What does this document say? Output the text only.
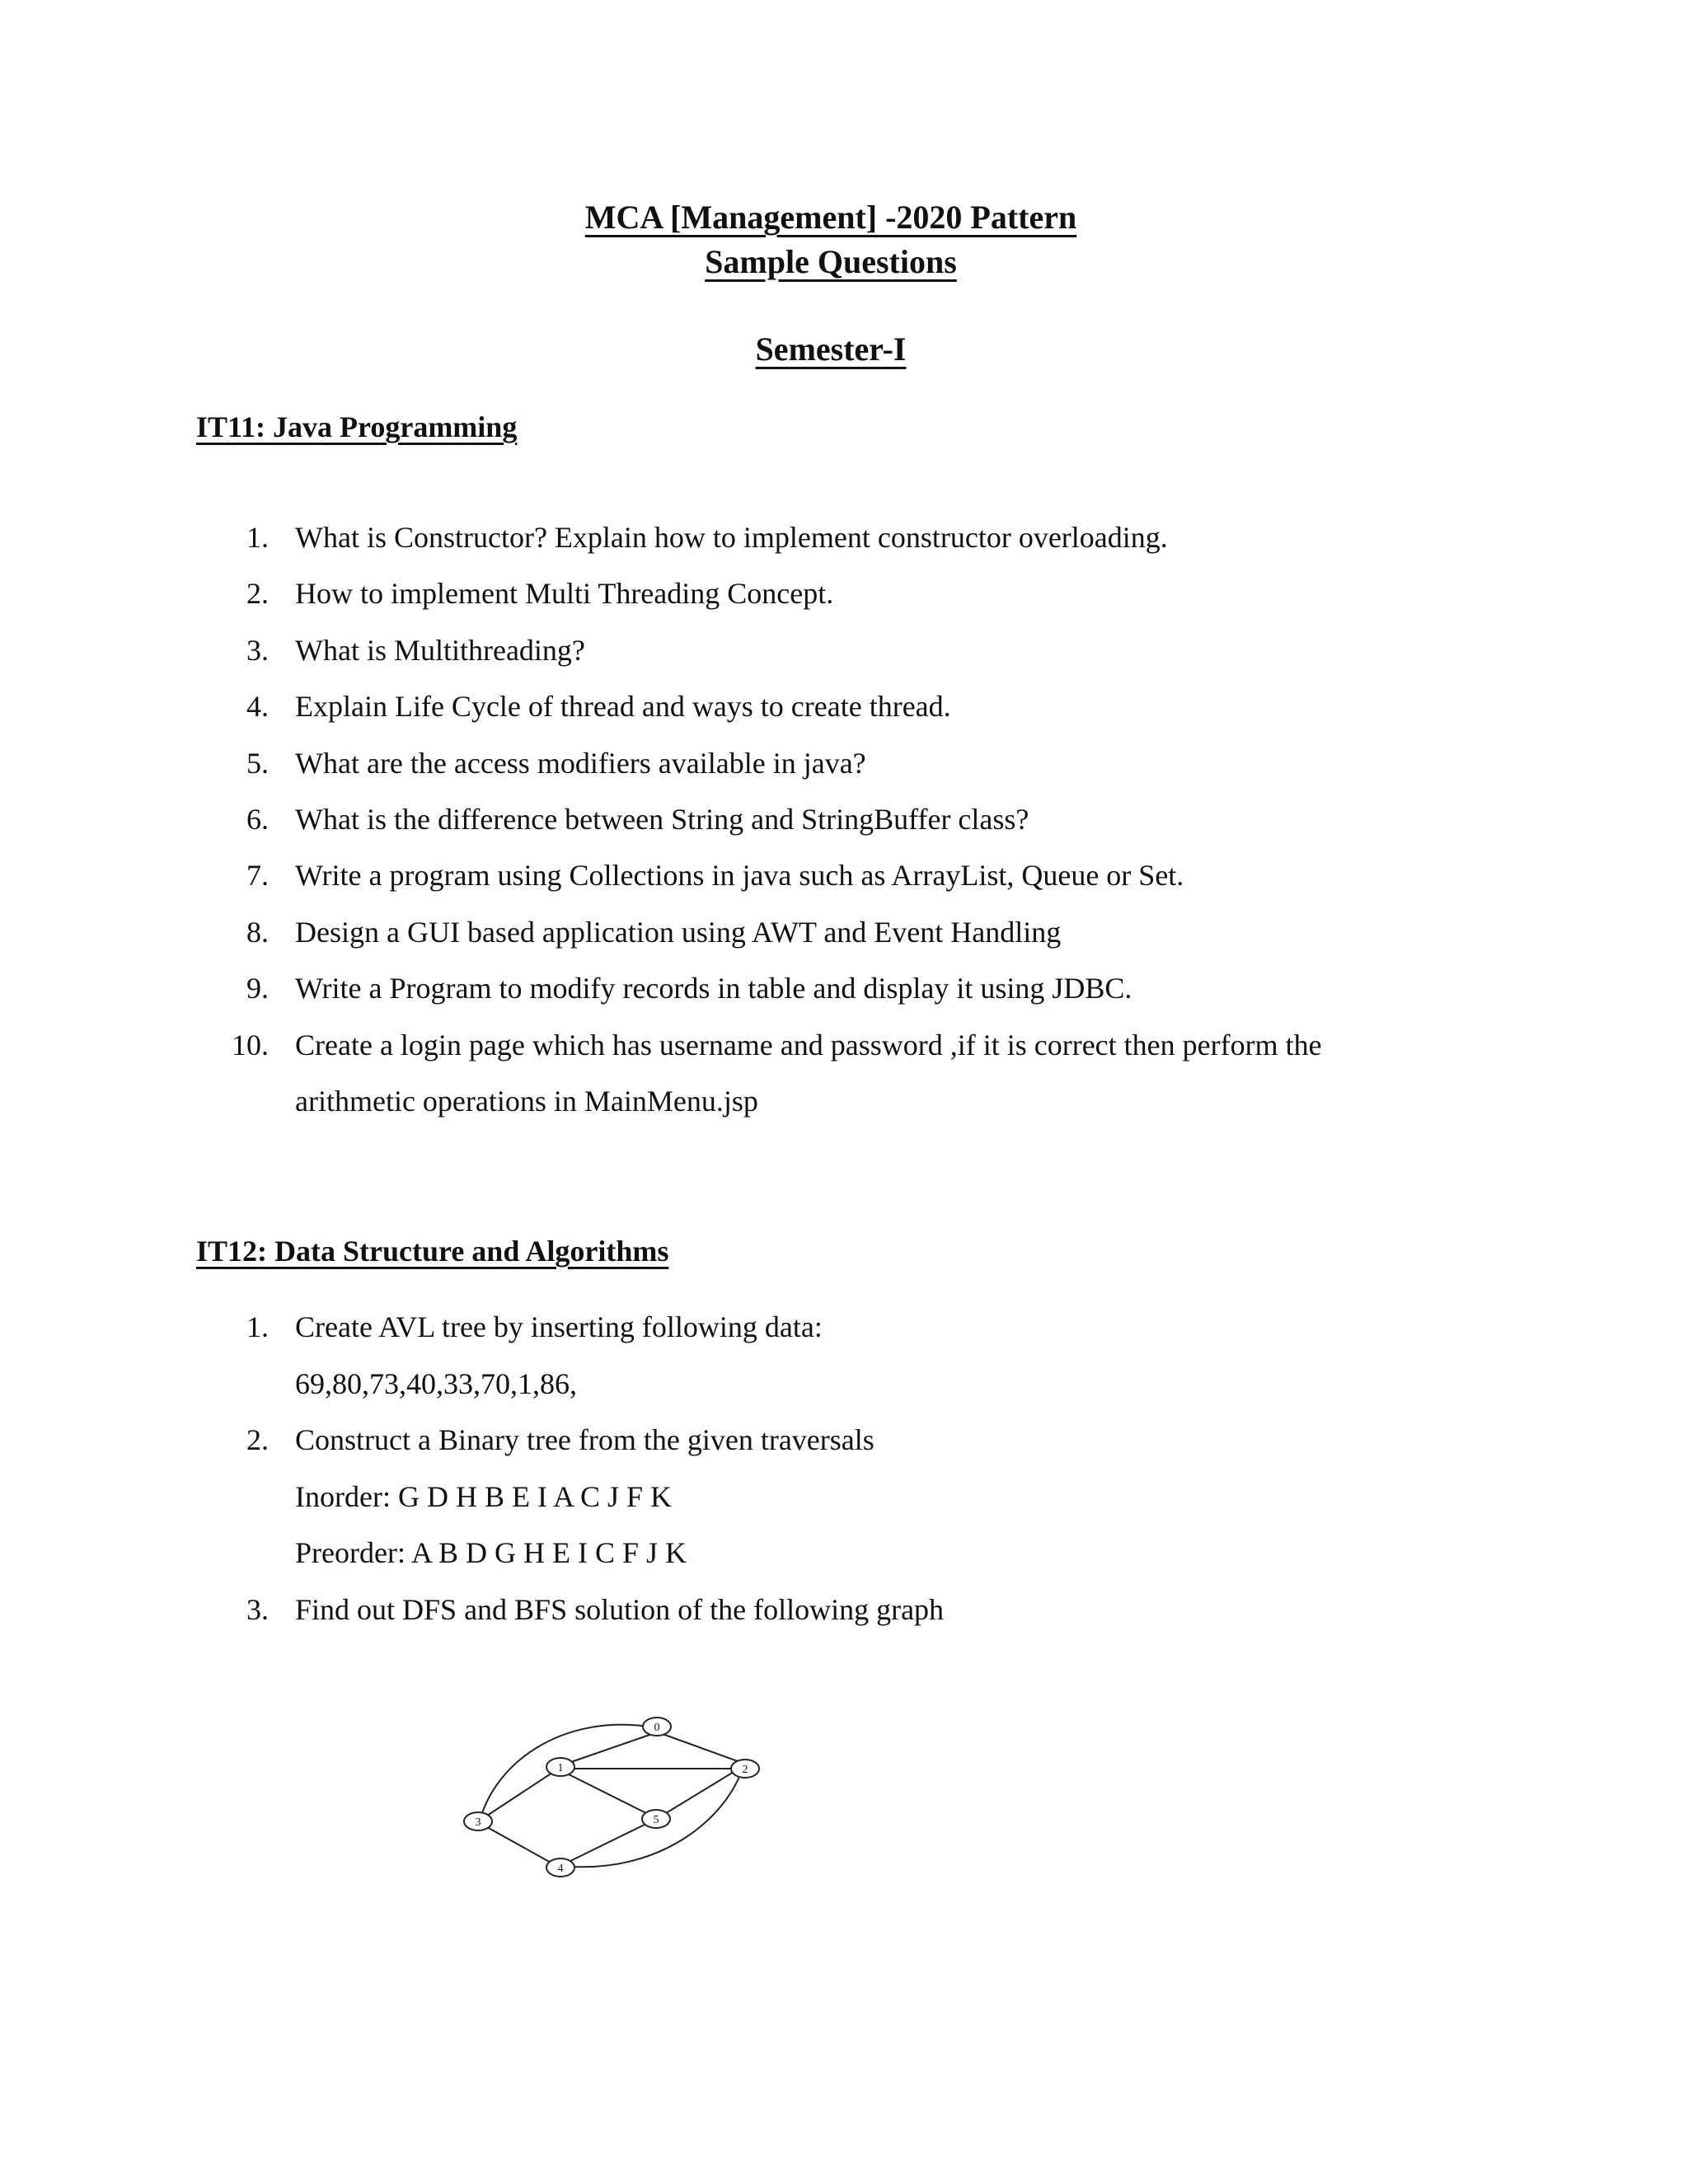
MCA [Management] -2020 Pattern
Sample Questions
Semester-I
IT11: Java Programming
1. What is Constructor? Explain how to implement constructor overloading.
2. How to implement Multi Threading Concept.
3. What is Multithreading?
4. Explain Life Cycle of thread and ways to create thread.
5. What are the access modifiers available in java?
6. What is the difference between String and StringBuffer class?
7. Write a program using Collections in java such as ArrayList, Queue or Set.
8. Design a GUI based application using AWT and Event Handling
9. Write a Program to modify records in table and display it using JDBC.
10. Create a login page which has username and password ,if it is correct then perform the
arithmetic operations in MainMenu.jsp
IT12: Data Structure and Algorithms
1. Create AVL tree by inserting following data:
69,80,73,40,33,70,1,86,
2. Construct a Binary tree from the given traversals
Inorder: G D H B E I A C J F K
Preorder: A B D G H E I C F J K
3. Find out DFS and BFS solution of the following graph
0
1	2
3
4
5
